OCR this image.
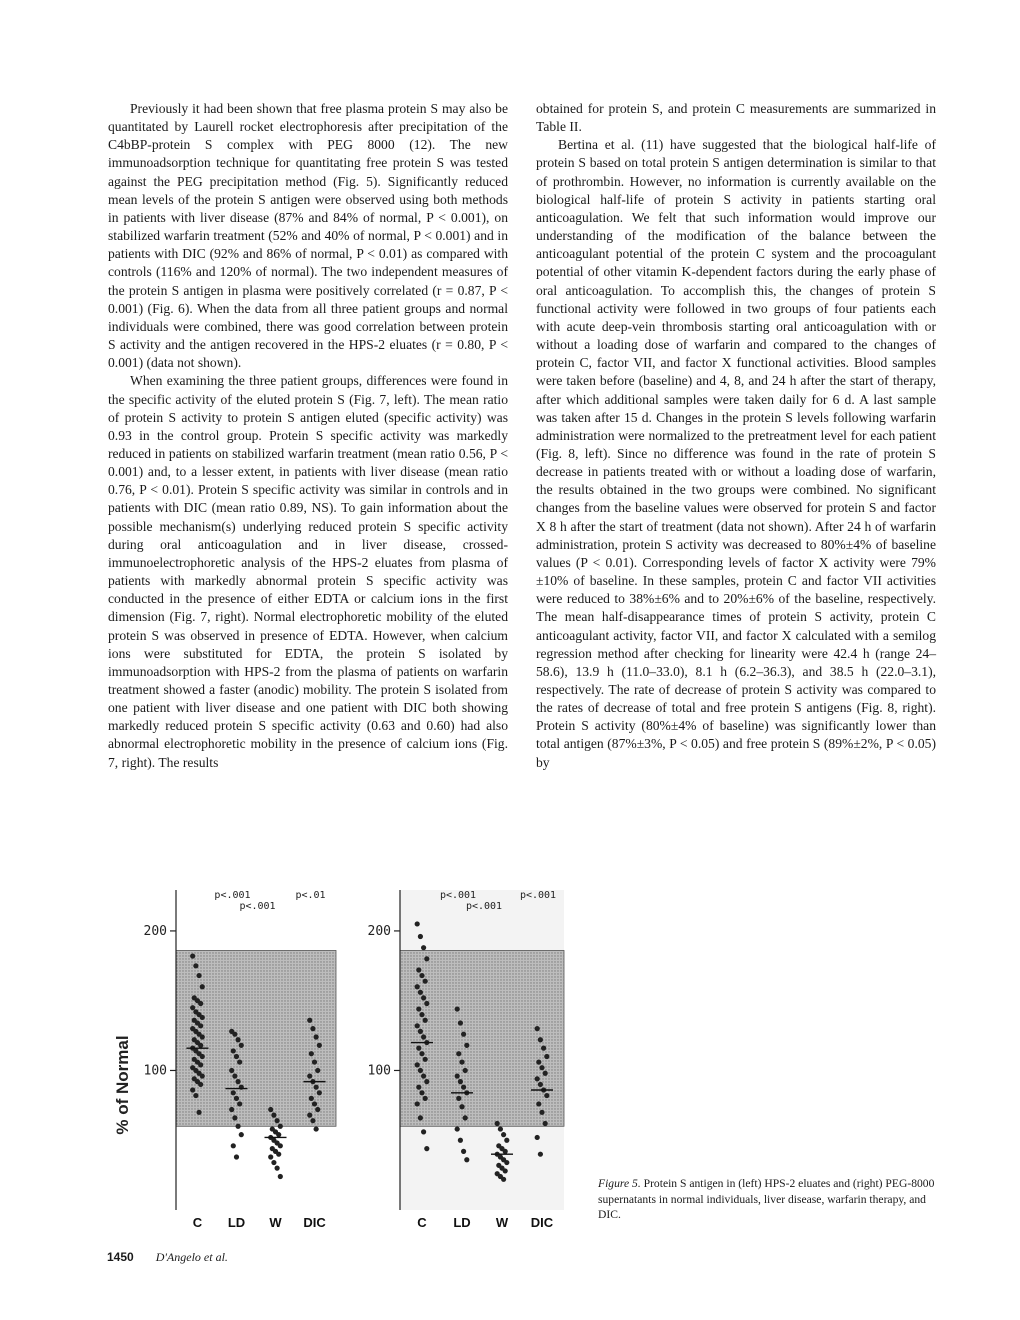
Previously it had been shown that free plasma protein S may also be quantitated by Laurell rocket electrophoresis after precipitation of the C4bBP-protein S complex with PEG 8000 (12). The new immunoadsorption technique for quantitating free protein S was tested against the PEG precipitation method (Fig. 5). Significantly reduced mean levels of the protein S antigen were observed using both methods in patients with liver disease (87% and 84% of normal, P < 0.001), on stabilized warfarin treatment (52% and 40% of normal, P < 0.001) and in patients with DIC (92% and 86% of normal, P < 0.01) as compared with controls (116% and 120% of normal). The two independent measures of the protein S antigen in plasma were positively correlated (r = 0.87, P < 0.001) (Fig. 6). When the data from all three patient groups and normal individuals were combined, there was good correlation between protein S activity and the antigen recovered in the HPS-2 eluates (r = 0.80, P < 0.001) (data not shown).

When examining the three patient groups, differences were found in the specific activity of the eluted protein S (Fig. 7, left). The mean ratio of protein S activity to protein S antigen eluted (specific activity) was 0.93 in the control group. Protein S specific activity was markedly reduced in patients on stabilized warfarin treatment (mean ratio 0.56, P < 0.001) and, to a lesser extent, in patients with liver disease (mean ratio 0.76, P < 0.01). Protein S specific activity was similar in controls and in patients with DIC (mean ratio 0.89, NS). To gain information about the possible mechanism(s) underlying reduced protein S specific activity during oral anticoagulation and in liver disease, crossed-immunoelectrophoretic analysis of the HPS-2 eluates from plasma of patients with markedly abnormal protein S specific activity was conducted in the presence of either EDTA or calcium ions in the first dimension (Fig. 7, right). Normal electrophoretic mobility of the eluted protein S was observed in presence of EDTA. However, when calcium ions were substituted for EDTA, the protein S isolated by immunoadsorption with HPS-2 from the plasma of patients on warfarin treatment showed a faster (anodic) mobility. The protein S isolated from one patient with liver disease and one patient with DIC both showing markedly reduced protein S specific activity (0.63 and 0.60) had also abnormal electrophoretic mobility in the presence of calcium ions (Fig. 7, right). The results

obtained for protein S, and protein C measurements are summarized in Table II.

Bertina et al. (11) have suggested that the biological half-life of protein S based on total protein S antigen determination is similar to that of prothrombin. However, no information is currently available on the biological half-life of protein S activity in patients starting oral anticoagulation. We felt that such information would improve our understanding of the modification of the balance between the anticoagulant potential of the protein C system and the procoagulant potential of other vitamin K-dependent factors during the early phase of oral anticoagulation. To accomplish this, the changes of protein S functional activity were followed in two groups of four patients each with acute deep-vein thrombosis starting oral anticoagulation with or without a loading dose of warfarin and compared to the changes of protein C, factor VII, and factor X functional activities. Blood samples were taken before (baseline) and 4, 8, and 24 h after the start of therapy, after which additional samples were taken daily for 6 d. A last sample was taken after 15 d. Changes in the protein S levels following warfarin administration were normalized to the pretreatment level for each patient (Fig. 8, left). Since no difference was found in the rate of protein S decrease in patients treated with or without a loading dose of warfarin, the results obtained in the two groups were combined. No significant changes from the baseline values were observed for protein S and factor X 8 h after the start of treatment (data not shown). After 24 h of warfarin administration, protein S activity was decreased to 80%±4% of baseline values (P < 0.01). Corresponding levels of factor X activity were 79%±10% of baseline. In these samples, protein C and factor VII activities were reduced to 38%±6% and to 20%±6% of the baseline, respectively. The mean half-disappearance times of protein S activity, protein C anticoagulant activity, factor VII, and factor X calculated with a semilog regression method after checking for linearity were 42.4 h (range 24–58.6), 13.9 h (11.0–33.0), 8.1 h (6.2–36.3), and 38.5 h (22.0–3.1), respectively. The rate of decrease of protein S activity was compared to the rates of decrease of total and free protein S antigens (Fig. 8, right). Protein S activity (80%±4% of baseline) was significantly lower than total antigen (87%±3%, P < 0.05) and free protein S (89%±2%, P < 0.05) by

200
100
C LD W DIC
p<.001	p<.01
p<.001
200
100
C LD W DIC
p<.001	p<.001
p<.001
% of Normal
Figure 5. Protein S antigen in (left) HPS-2 eluates and (right) PEG-8000 supernatants in normal individuals, liver disease, warfarin therapy, and DIC.
1450 D'Angelo et al.
